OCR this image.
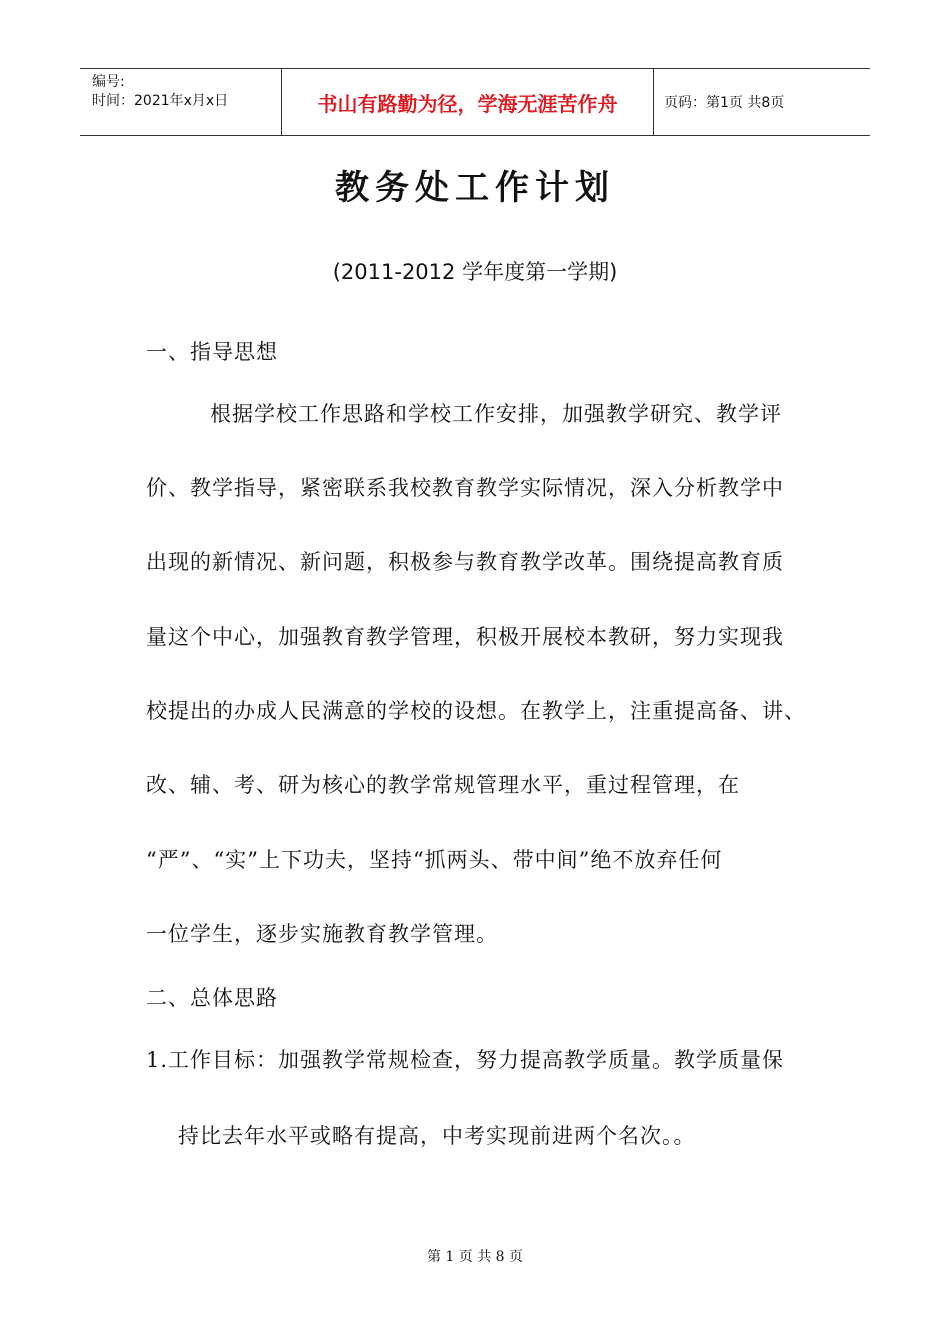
编号:
时间：2021年x月x日	书山有路勤为径，学海无涯苦作舟	页码：第1页 共8页
教务处工作计划
(2011-2012 学年度第一学期)
一、指导思想
根据学校工作思路和学校工作安排，加强教学研究、教学评
价、教学指导，紧密联系我校教育教学实际情况，深入分析教学中
出现的新情况、新问题，积极参与教育教学改革。围绕提高教育质
量这个中心，加强教育教学管理，积极开展校本教研，努力实现我
校提出的办成人民满意的学校的设想。在教学上，注重提高备、讲、
改、辅、考、研为核心的教学常规管理水平，重过程管理，在
“严”、“实”上下功夫，坚持“抓两头、带中间”绝不放弃任何
一位学生，逐步实施教育教学管理。
二、总体思路
1.工作目标：加强教学常规检查，努力提高教学质量。教学质量保
持比去年水平或略有提高，中考实现前进两个名次。。
第 1 页 共 8 页
